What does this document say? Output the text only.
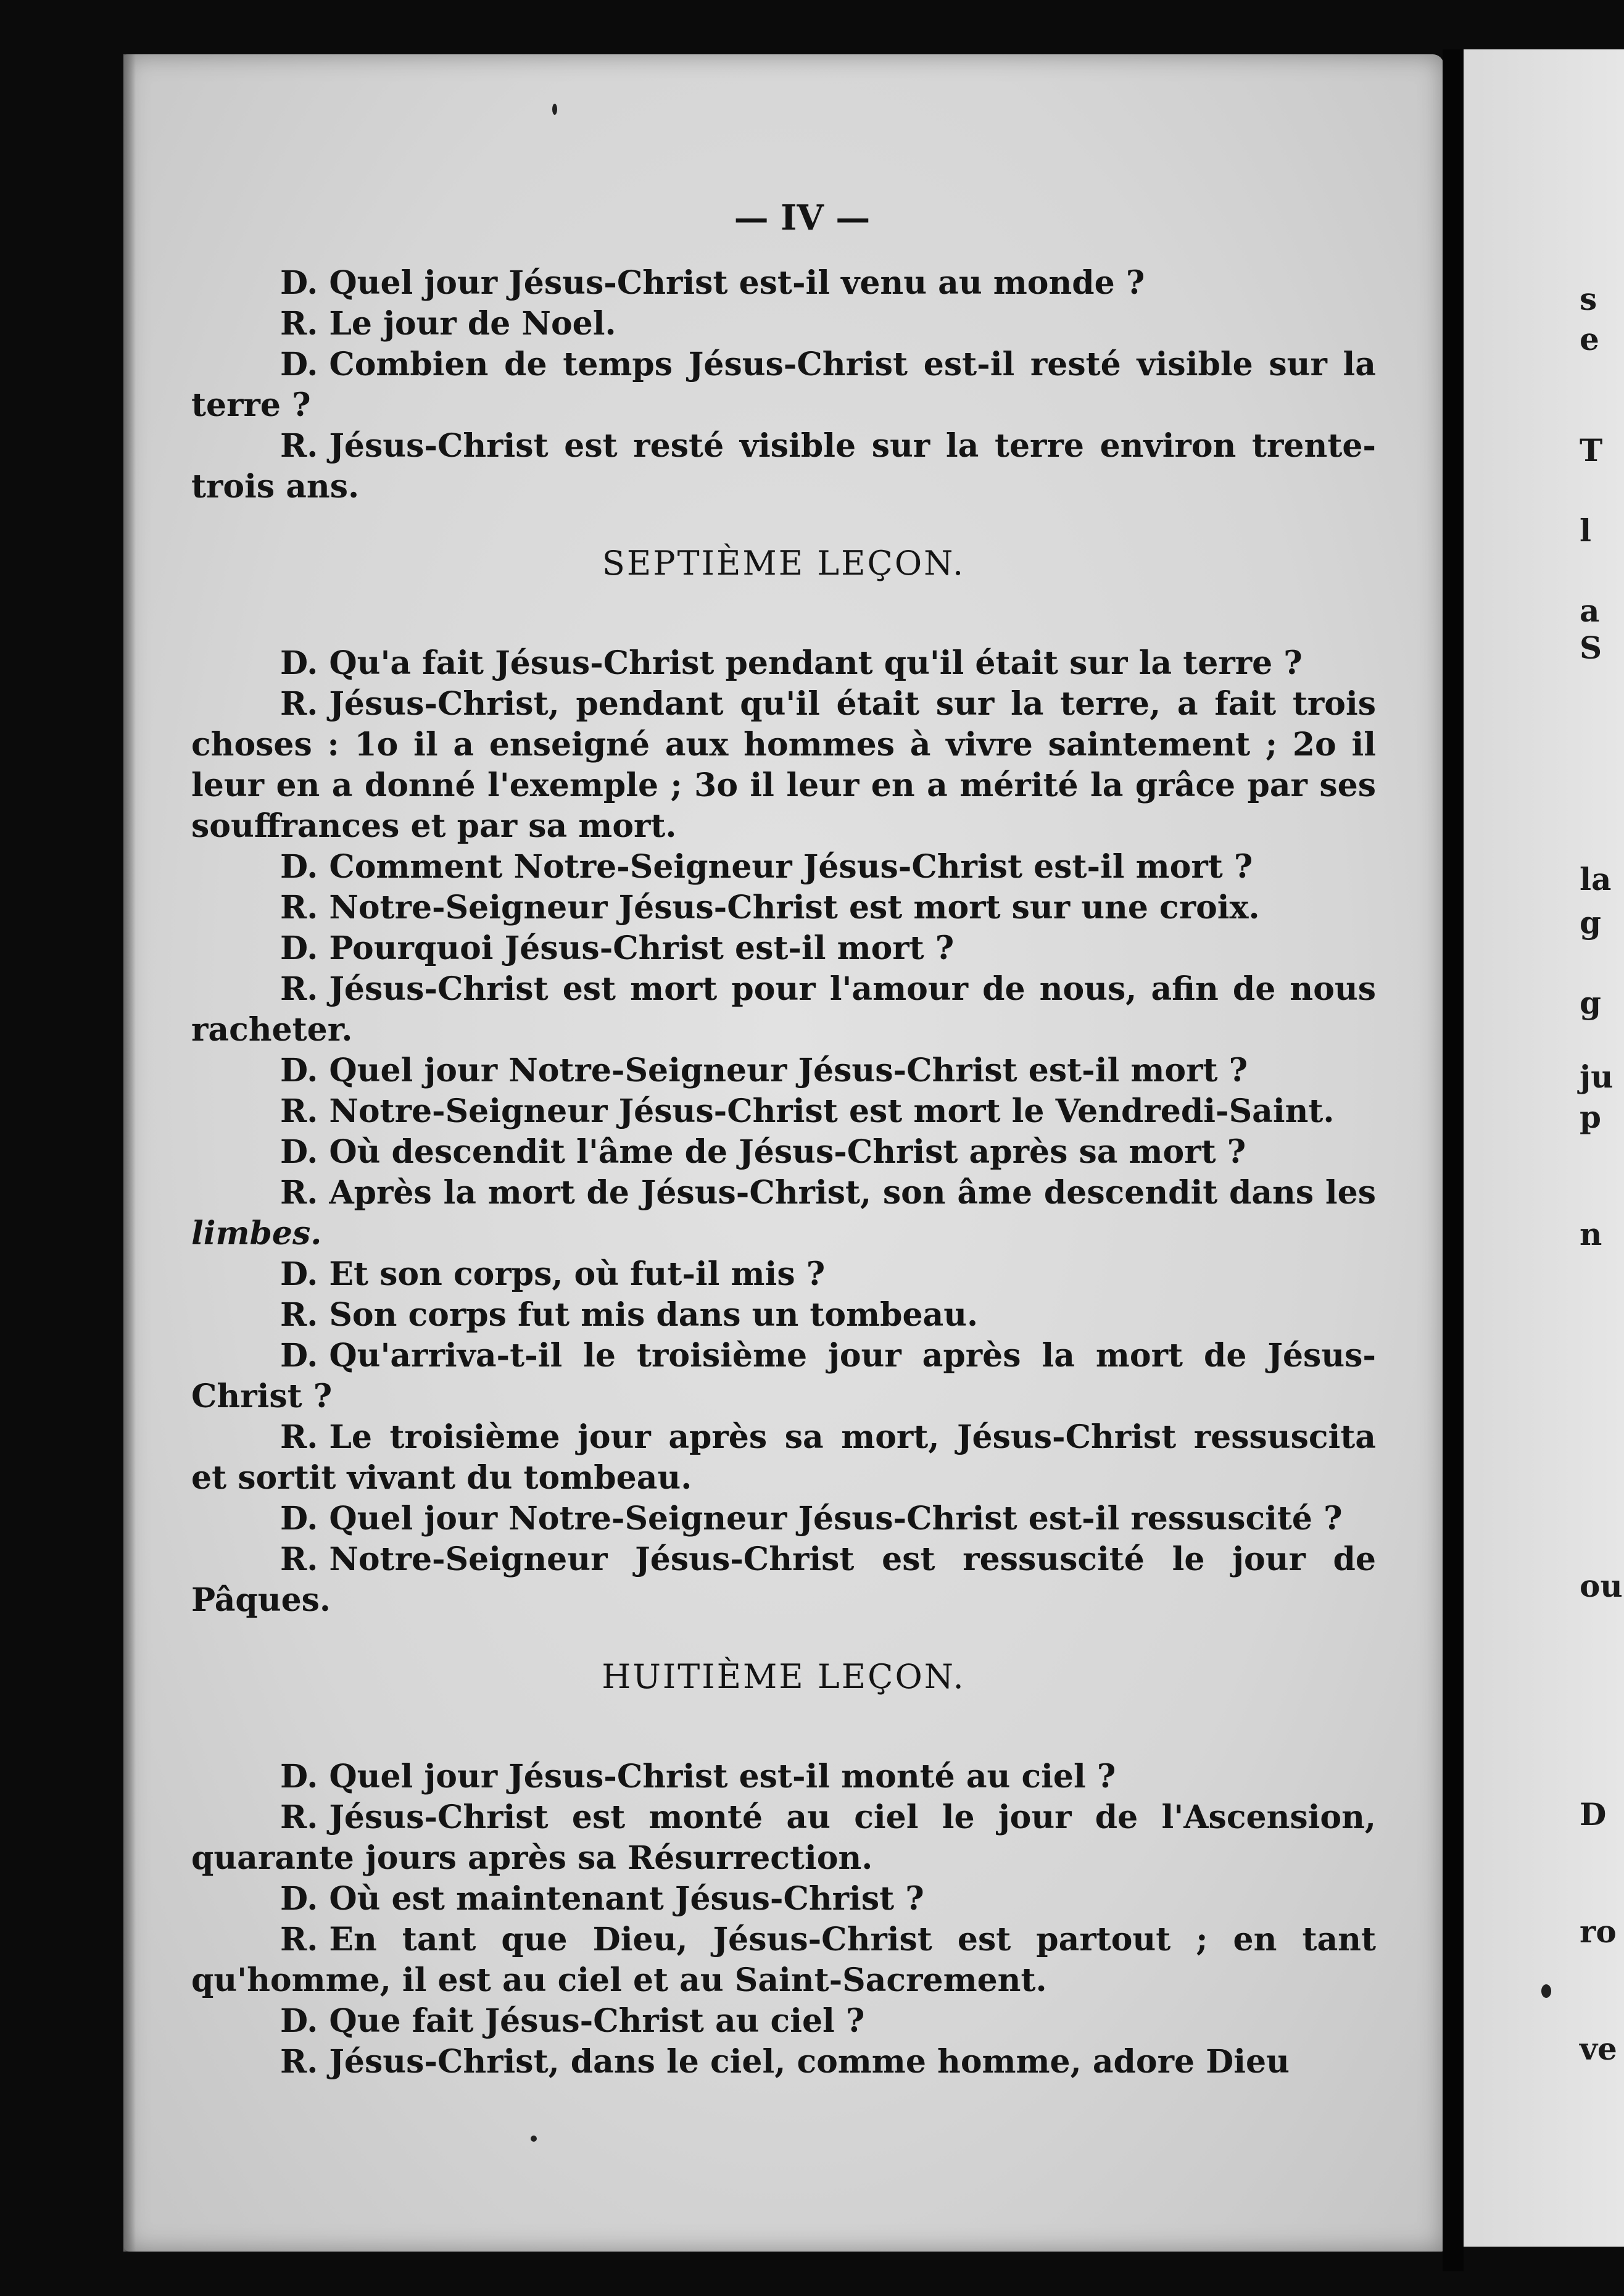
— IV —

D. Quel jour Jésus-Christ est-il venu au monde ?

R. Le jour de Noel.

D. Combien de temps Jésus-Christ est-il resté visible sur la terre ?

R. Jésus-Christ est resté visible sur la terre environ trente-trois ans.

SEPTIÈME LEÇON.

D. Qu'a fait Jésus-Christ pendant qu'il était sur la terre ?

R. Jésus-Christ, pendant qu'il était sur la terre, a fait trois choses : 1o il a enseigné aux hommes à vivre saintement ; 2o il leur en a donné l'exemple ; 3o il leur en a mérité la grâce par ses souffrances et par sa mort.

D. Comment Notre-Seigneur Jésus-Christ est-il mort ?

R. Notre-Seigneur Jésus-Christ est mort sur une croix.

D. Pourquoi Jésus-Christ est-il mort ?

R. Jésus-Christ est mort pour l'amour de nous, afin de nous racheter.

D. Quel jour Notre-Seigneur Jésus-Christ est-il mort ?

R. Notre-Seigneur Jésus-Christ est mort le Vendredi-Saint.

D. Où descendit l'âme de Jésus-Christ après sa mort ?

R. Après la mort de Jésus-Christ, son âme descendit dans les limbes.

D. Et son corps, où fut-il mis ?

R. Son corps fut mis dans un tombeau.

D. Qu'arriva-t-il le troisième jour après la mort de Jésus-Christ ?

R. Le troisième jour après sa mort, Jésus-Christ ressuscita et sortit vivant du tombeau.

D. Quel jour Notre-Seigneur Jésus-Christ est-il ressuscité ?

R. Notre-Seigneur Jésus-Christ est ressuscité le jour de Pâques.

HUITIÈME LEÇON.

D. Quel jour Jésus-Christ est-il monté au ciel ?

R. Jésus-Christ est monté au ciel le jour de l'Ascension, quarante jours après sa Résurrection.

D. Où est maintenant Jésus-Christ ?

R. En tant que Dieu, Jésus-Christ est partout ; en tant qu'homme, il est au ciel et au Saint-Sacrement.

D. Que fait Jésus-Christ au ciel ?

R. Jésus-Christ, dans le ciel, comme homme, adore Dieu

s
e
T
l
a
S
la
g
g
ju
p
n
ou
D
ro
ve
